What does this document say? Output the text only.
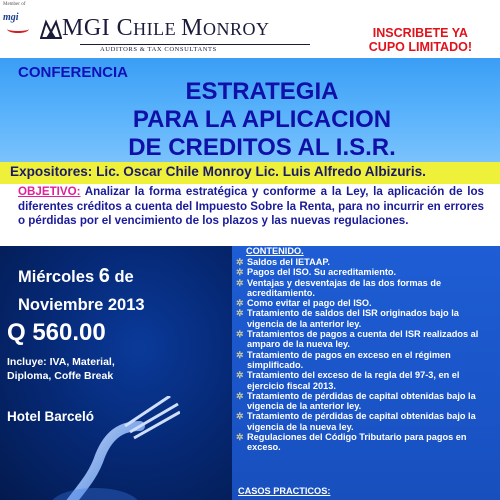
Member of
mgi MGI CHILE MONROY
AUDITORS & TAX CONSULTANTS
INSCRIBETE YA
CUPO LIMITADO!
CONFERENCIA
ESTRATEGIA
PARA LA APLICACION
DE CREDITOS AL I.S.R.
Expositores: Lic. Oscar Chile Monroy Lic. Luis Alfredo Albizuris.

OBJETIVO: Analizar la forma estratégica y conforme a la Ley, la aplicación de los diferentes créditos a cuenta del Impuesto Sobre la Renta, para no incurrir en errores o pérdidas por el vencimiento de los plazos y las nuevas regulaciones.

Miércoles 6 de
Noviembre 2013
Q 560.00
Incluye: IVA, Material, Diploma, Coffe Break
Hotel Barceló
CONTENIDO.
✲ Saldos del IETAAP.
✲ Pagos del ISO. Su acreditamiento.
✲ Ventajas y desventajas de las dos formas de acreditamiento.
✲ Como evitar el pago del ISO.
✲ Tratamiento de saldos del ISR originados bajo la vigencia de la anterior ley.
✲ Tratamientos de pagos a cuenta del ISR realizados al amparo de la nueva ley.
✲ Tratamiento de pagos en exceso en el régimen simplificado.
✲ Tratamiento del exceso de la regla del 97-3, en el ejercicio fiscal 2013.
✲ Tratamiento de pérdidas de capital obtenidas bajo la vigencia de la anterior ley.
✲ Tratamiento de pérdidas de capital obtenidas bajo la vigencia de la nueva ley.
✲ Regulaciones del Código Tributario para pagos en exceso.
CASOS PRACTICOS:
